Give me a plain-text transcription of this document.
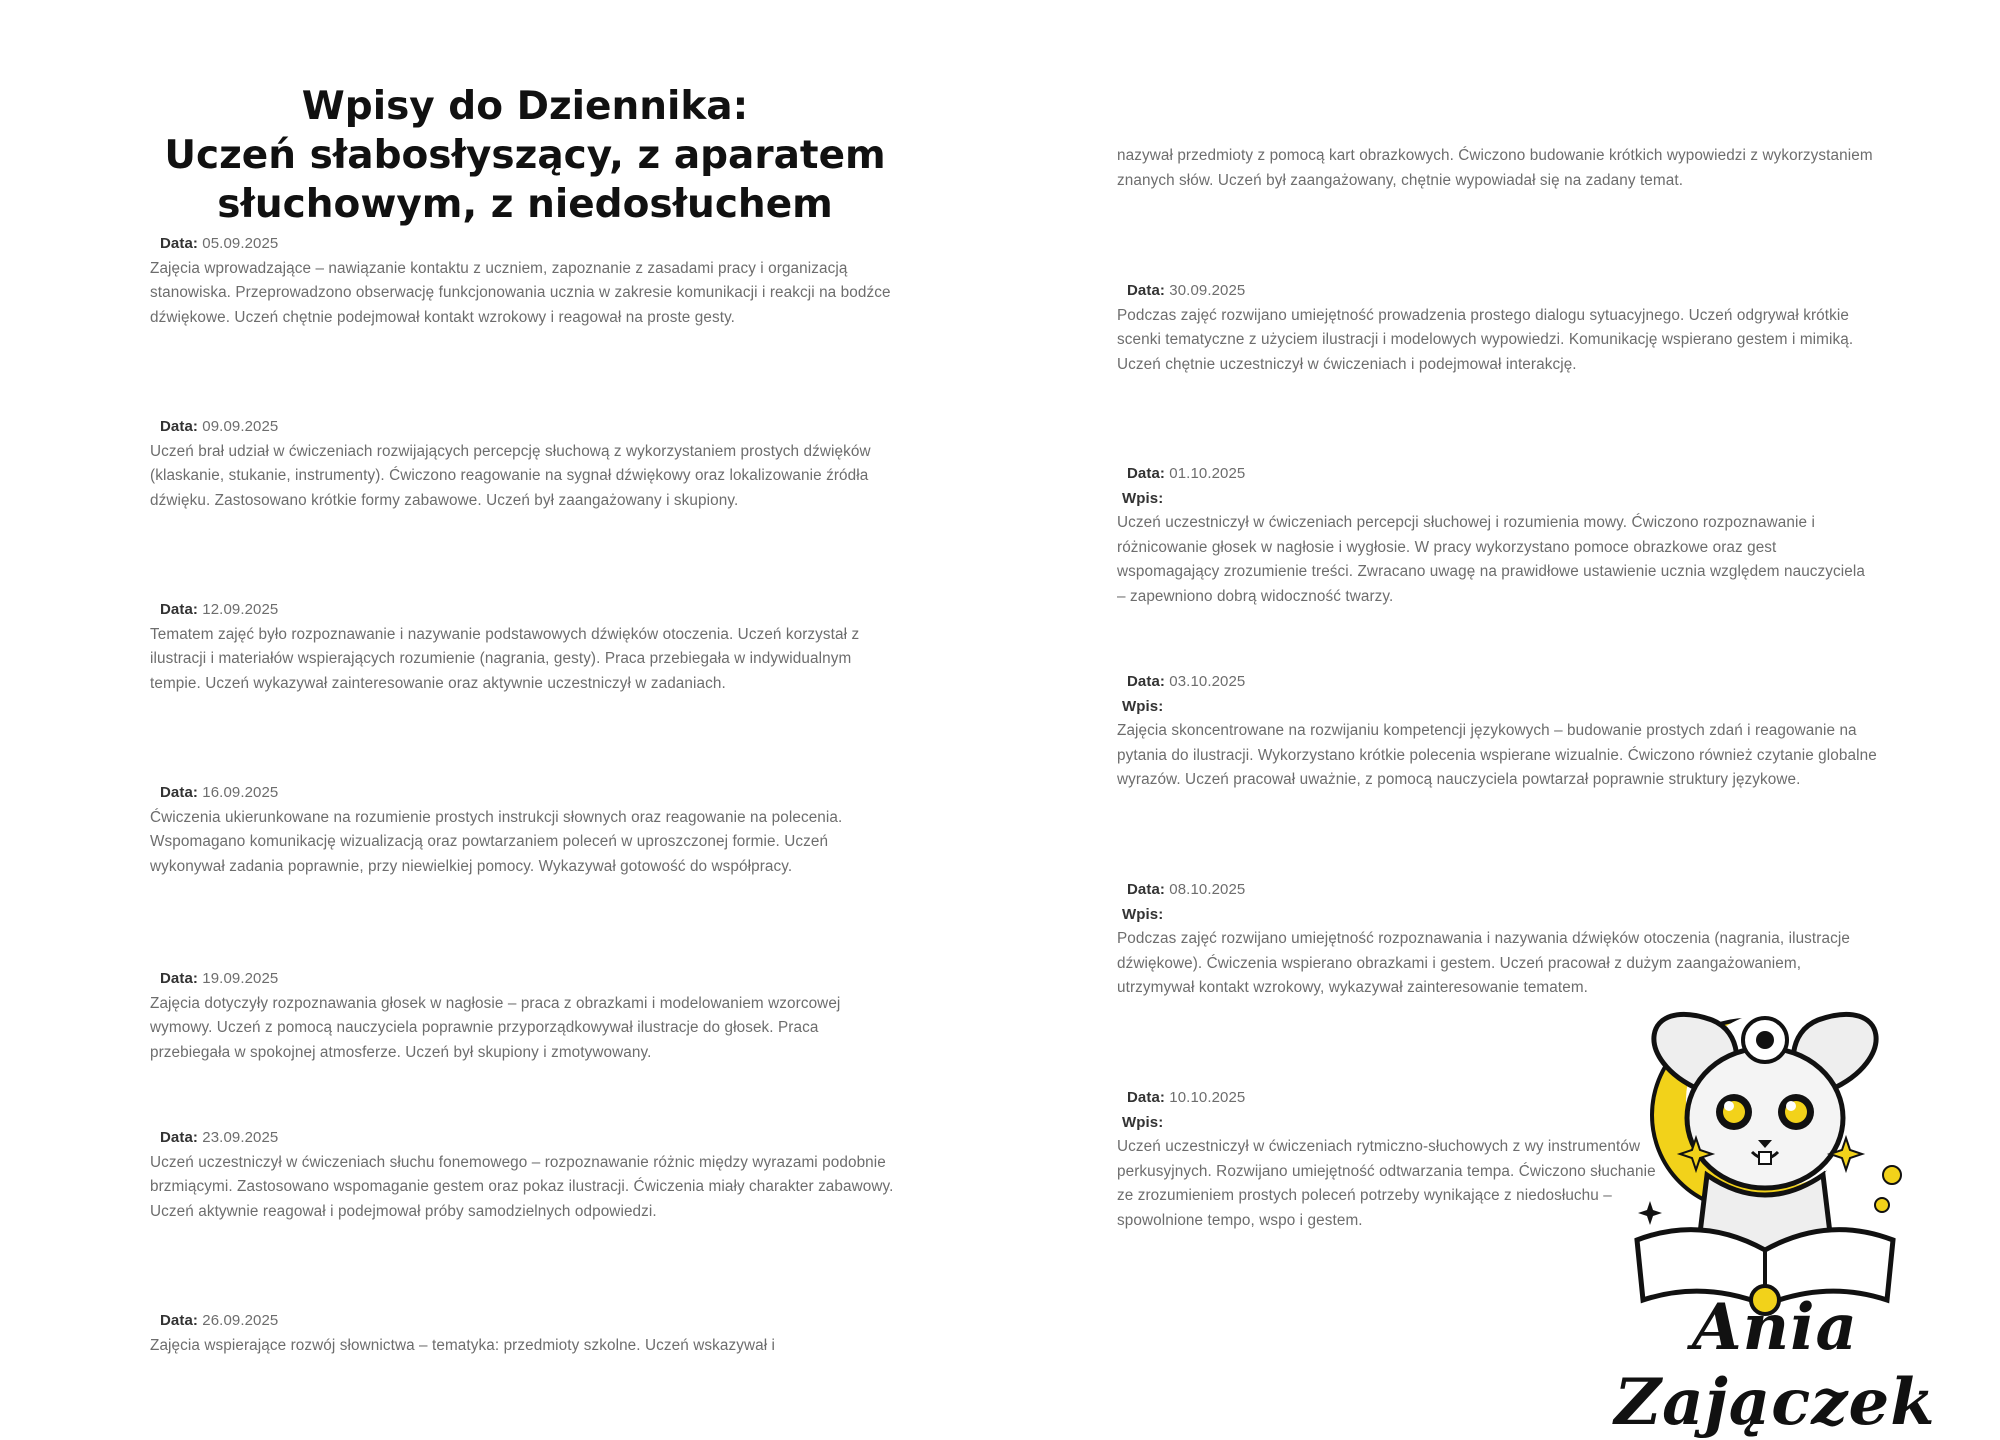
Wpisy do Dziennika:
Uczeń słabosłyszący, z aparatem
słuchowym, z niedosłuchem
Data: 05.09.2025

Zajęcia wprowadzające – nawiązanie kontaktu z uczniem, zapoznanie z zasadami pracy i organizacją stanowiska. Przeprowadzono obserwację funkcjonowania ucznia w zakresie komunikacji i reakcji na bodźce dźwiękowe. Uczeń chętnie podejmował kontakt wzrokowy i reagował na proste gesty.

Data: 09.09.2025

Uczeń brał udział w ćwiczeniach rozwijających percepcję słuchową z wykorzystaniem prostych dźwięków (klaskanie, stukanie, instrumenty). Ćwiczono reagowanie na sygnał dźwiękowy oraz lokalizowanie źródła dźwięku. Zastosowano krótkie formy zabawowe. Uczeń był zaangażowany i skupiony.

Data: 12.09.2025

Tematem zajęć było rozpoznawanie i nazywanie podstawowych dźwięków otoczenia. Uczeń korzystał z ilustracji i materiałów wspierających rozumienie (nagrania, gesty). Praca przebiegała w indywidualnym tempie. Uczeń wykazywał zainteresowanie oraz aktywnie uczestniczył w zadaniach.

Data: 16.09.2025

Ćwiczenia ukierunkowane na rozumienie prostych instrukcji słownych oraz reagowanie na polecenia. Wspomagano komunikację wizualizacją oraz powtarzaniem poleceń w uproszczonej formie. Uczeń wykonywał zadania poprawnie, przy niewielkiej pomocy. Wykazywał gotowość do współpracy.

Data: 19.09.2025

Zajęcia dotyczyły rozpoznawania głosek w nagłosie – praca z obrazkami i modelowaniem wzorcowej wymowy. Uczeń z pomocą nauczyciela poprawnie przyporządkowywał ilustracje do głosek. Praca przebiegała w spokojnej atmosferze. Uczeń był skupiony i zmotywowany.

Data: 23.09.2025

Uczeń uczestniczył w ćwiczeniach słuchu fonemowego – rozpoznawanie różnic między wyrazami podobnie brzmiącymi. Zastosowano wspomaganie gestem oraz pokaz ilustracji. Ćwiczenia miały charakter zabawowy. Uczeń aktywnie reagował i podejmował próby samodzielnych odpowiedzi.

Data: 26.09.2025

Zajęcia wspierające rozwój słownictwa – tematyka: przedmioty szkolne. Uczeń wskazywał i

nazywał przedmioty z pomocą kart obrazkowych. Ćwiczono budowanie krótkich wypowiedzi z wykorzystaniem znanych słów. Uczeń był zaangażowany, chętnie wypowiadał się na zadany temat.

Data: 30.09.2025

Podczas zajęć rozwijano umiejętność prowadzenia prostego dialogu sytuacyjnego. Uczeń odgrywał krótkie scenki tematyczne z użyciem ilustracji i modelowych wypowiedzi. Komunikację wspierano gestem i mimiką. Uczeń chętnie uczestniczył w ćwiczeniach i podejmował interakcję.

Data: 01.10.2025
Wpis:

Uczeń uczestniczył w ćwiczeniach percepcji słuchowej i rozumienia mowy. Ćwiczono rozpoznawanie i różnicowanie głosek w nagłosie i wygłosie. W pracy wykorzystano pomoce obrazkowe oraz gest wspomagający zrozumienie treści. Zwracano uwagę na prawidłowe ustawienie ucznia względem nauczyciela – zapewniono dobrą widoczność twarzy.

Data: 03.10.2025
Wpis:

Zajęcia skoncentrowane na rozwijaniu kompetencji językowych – budowanie prostych zdań i reagowanie na pytania do ilustracji. Wykorzystano krótkie polecenia wspierane wizualnie. Ćwiczono również czytanie globalne wyrazów. Uczeń pracował uważnie, z pomocą nauczyciela powtarzał poprawnie struktury językowe.

Data: 08.10.2025
Wpis:

Podczas zajęć rozwijano umiejętność rozpoznawania i nazywania dźwięków otoczenia (nagrania, ilustracje dźwiękowe). Ćwiczenia wspierano obrazkami i gestem. Uczeń pracował z dużym zaangażowaniem, utrzymywał kontakt wzrokowy, wykazywał zainteresowanie tematem.

Data: 10.10.2025
Wpis:

Uczeń uczestniczył w ćwiczeniach rytmiczno-słuchowych z wy instrumentów perkusyjnych. Rozwijano umiejętność odtwarzania tempa. Ćwiczono słuchanie ze zrozumieniem prostych poleceń potrzeby wynikające z niedosłuchu – spowolnione tempo, wspo i gestem.

Ania Zajączek
